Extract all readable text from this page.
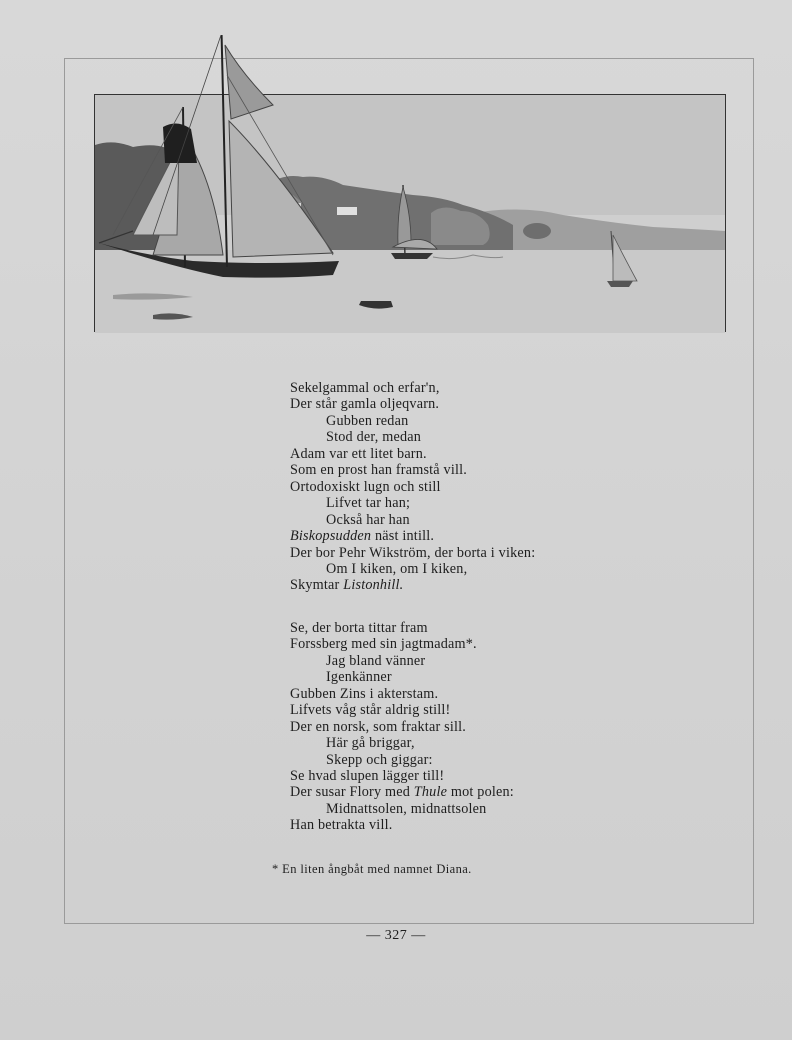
Sekelgammal och erfar'n,
Der står gamla oljeqvarn.
Gubben redan
Stod der, medan
Adam var ett litet barn.
Som en prost han framstå vill.
Ortodoxiskt lugn och still
Lifvet tar han;
Också har han
Biskopsudden näst intill.
Der bor Pehr Wikström, der borta i viken:
Om I kiken, om I kiken,
Skymtar Listonhill.

Se, der borta tittar fram
Forssberg med sin jagtmadam*.
Jag bland vänner
Igenkänner
Gubben Zins i akterstam.
Lifvets våg står aldrig still!
Der en norsk, som fraktar sill.
Här gå briggar,
Skepp och giggar:
Se hvad slupen lägger till!
Der susar Flory med Thule mot polen:
Midnattsolen, midnattsolen
Han betrakta vill.

* En liten ångbåt med namnet Diana.
— 327 —
